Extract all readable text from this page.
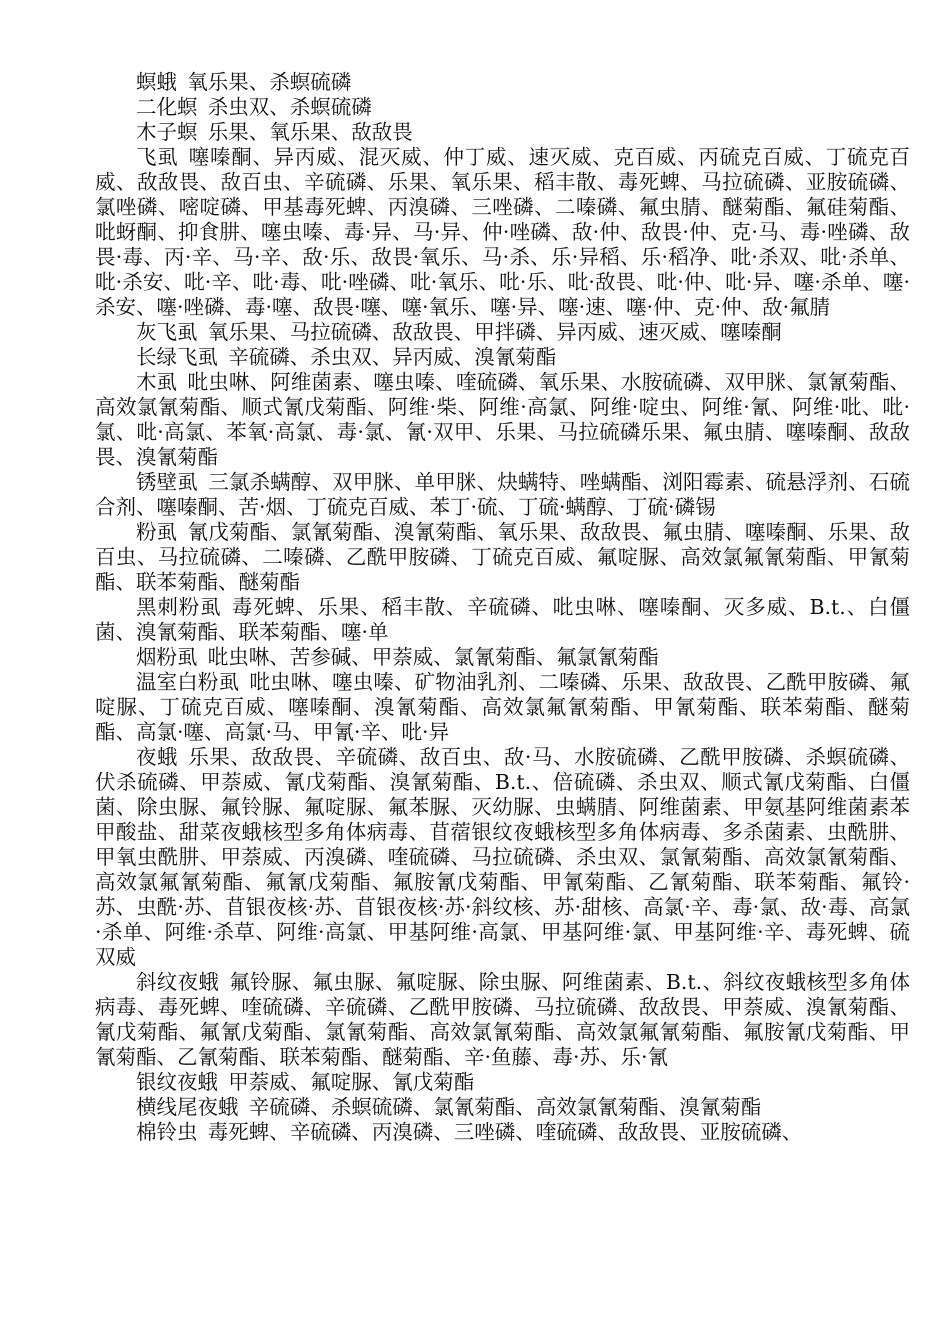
螟蛾 氧乐果、杀螟硫磷

二化螟 杀虫双、杀螟硫磷

木子螟 乐果、氧乐果、敌敌畏

飞虱 噻嗪酮、异丙威、混灭威、仲丁威、速灭威、克百威、丙硫克百威、丁硫克百威、敌敌畏、敌百虫、辛硫磷、乐果、氧乐果、稻丰散、毒死蜱、马拉硫磷、亚胺硫磷、氯唑磷、嘧啶磷、甲基毒死蜱、丙溴磷、三唑磷、二嗪磷、氟虫腈、醚菊酯、氟硅菊酯、吡蚜酮、抑食肼、噻虫嗪、毒·异、马·异、仲·唑磷、敌·仲、敌畏·仲、克·马、毒·唑磷、敌畏·毒、丙·辛、马·辛、敌·乐、敌畏·氧乐、马·杀、乐·异稻、乐·稻净、吡·杀双、吡·杀单、吡·杀安、吡·辛、吡·毒、吡·唑磷、吡·氧乐、吡·乐、吡·敌畏、吡·仲、吡·异、噻·杀单、噻·杀安、噻·唑磷、毒·噻、敌畏·噻、噻·氧乐、噻·异、噻·速、噻·仲、克·仲、敌·氟腈

灰飞虱 氧乐果、马拉硫磷、敌敌畏、甲拌磷、异丙威、速灭威、噻嗪酮

长绿飞虱 辛硫磷、杀虫双、异丙威、溴氰菊酯

木虱 吡虫啉、阿维菌素、噻虫嗪、喹硫磷、氧乐果、水胺硫磷、双甲脒、氯氰菊酯、高效氯氰菊酯、顺式氰戊菊酯、阿维·柴、阿维·高氯、阿维·啶虫、阿维·氰、阿维·吡、吡·氯、吡·高氯、苯氧·高氯、毒·氯、氰·双甲、乐果、马拉硫磷乐果、氟虫腈、噻嗪酮、敌敌畏、溴氰菊酯

锈壁虱 三氯杀螨醇、双甲脒、单甲脒、炔螨特、唑螨酯、浏阳霉素、硫悬浮剂、石硫合剂、噻嗪酮、苦·烟、丁硫克百威、苯丁·硫、丁硫·螨醇、丁硫·磷锡

粉虱 氰戊菊酯、氯氰菊酯、溴氰菊酯、氧乐果、敌敌畏、氟虫腈、噻嗪酮、乐果、敌百虫、马拉硫磷、二嗪磷、乙酰甲胺磷、丁硫克百威、氟啶脲、高效氯氟氰菊酯、甲氰菊酯、联苯菊酯、醚菊酯

黑刺粉虱 毒死蜱、乐果、稻丰散、辛硫磷、吡虫啉、噻嗪酮、灭多威、B.t.、白僵菌、溴氰菊酯、联苯菊酯、噻·单

烟粉虱 吡虫啉、苦参碱、甲萘威、氯氰菊酯、氟氯氰菊酯

温室白粉虱 吡虫啉、噻虫嗪、矿物油乳剂、二嗪磷、乐果、敌敌畏、乙酰甲胺磷、氟啶脲、丁硫克百威、噻嗪酮、溴氰菊酯、高效氯氟氰菊酯、甲氰菊酯、联苯菊酯、醚菊酯、高氯·噻、高氯·马、甲氰·辛、吡·异

夜蛾 乐果、敌敌畏、辛硫磷、敌百虫、敌·马、水胺硫磷、乙酰甲胺磷、杀螟硫磷、伏杀硫磷、甲萘威、氰戊菊酯、溴氰菊酯、B.t.、倍硫磷、杀虫双、顺式氰戊菊酯、白僵菌、除虫脲、氟铃脲、氟啶脲、氟苯脲、灭幼脲、虫螨腈、阿维菌素、甲氨基阿维菌素苯甲酸盐、甜菜夜蛾核型多角体病毒、苜蓿银纹夜蛾核型多角体病毒、多杀菌素、虫酰肼、甲氧虫酰肼、甲萘威、丙溴磷、喹硫磷、马拉硫磷、杀虫双、氯氰菊酯、高效氯氰菊酯、高效氯氟氰菊酯、氟氰戊菊酯、氟胺氰戊菊酯、甲氰菊酯、乙氰菊酯、联苯菊酯、氟铃·苏、虫酰·苏、苜银夜核·苏、苜银夜核·苏·斜纹核、苏·甜核、高氯·辛、毒·氯、敌·毒、高氯·杀单、阿维·杀草、阿维·高氯、甲基阿维·高氯、甲基阿维·氯、甲基阿维·辛、毒死蜱、硫双威

斜纹夜蛾 氟铃脲、氟虫脲、氟啶脲、除虫脲、阿维菌素、B.t.、斜纹夜蛾核型多角体病毒、毒死蜱、喹硫磷、辛硫磷、乙酰甲胺磷、马拉硫磷、敌敌畏、甲萘威、溴氰菊酯、氰戊菊酯、氟氰戊菊酯、氯氰菊酯、高效氯氰菊酯、高效氯氟氰菊酯、氟胺氰戊菊酯、甲氰菊酯、乙氰菊酯、联苯菊酯、醚菊酯、辛·鱼藤、毒·苏、乐·氰

银纹夜蛾 甲萘威、氟啶脲、氰戊菊酯

横线尾夜蛾 辛硫磷、杀螟硫磷、氯氰菊酯、高效氯氰菊酯、溴氰菊酯

棉铃虫 毒死蜱、辛硫磷、丙溴磷、三唑磷、喹硫磷、敌敌畏、亚胺硫磷、
